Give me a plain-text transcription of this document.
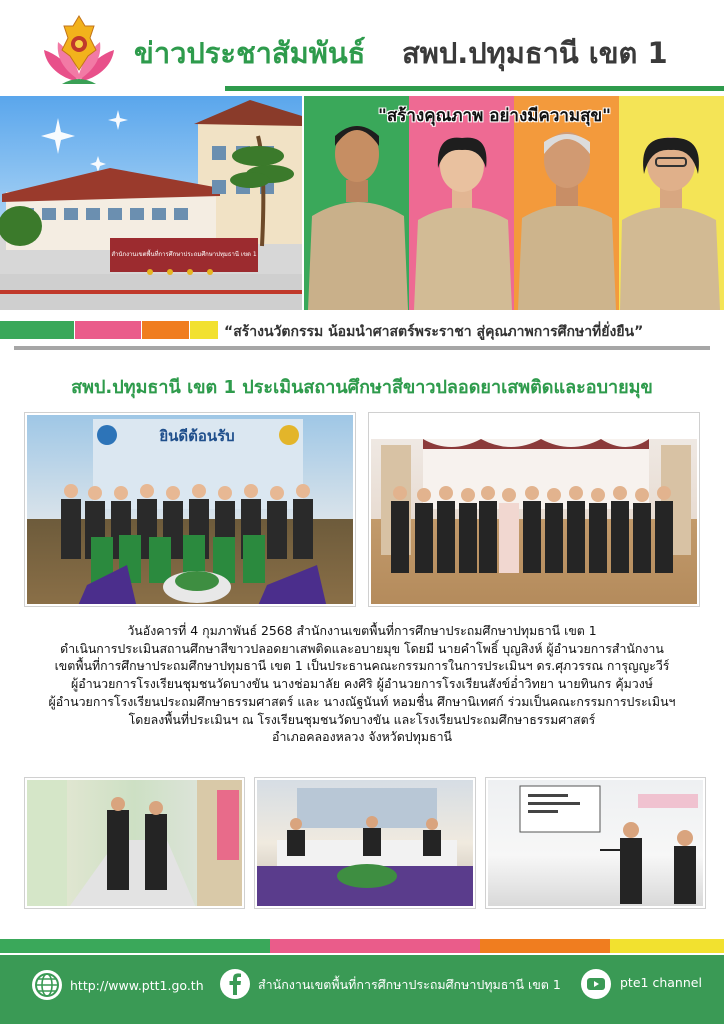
ข่าวประชาสัมพันธ์ สพป.ปทุมธานี เขต 1
สำนักงานเขตพื้นที่การศึกษาประถมศึกษาปทุมธานี เขต 1
"สร้างคุณภาพ อย่างมีความสุข"
“สร้างนวัตกรรม น้อมนำศาสตร์พระราชา สู่คุณภาพการศึกษาที่ยั่งยืน”
สพป.ปทุมธานี เขต 1 ประเมินสถานศึกษาสีขาวปลอดยาเสพติดและอบายมุข
ยินดีต้อนรับ
วันอังคารที่ 4 กุมภาพันธ์ 2568 สำนักงานเขตพื้นที่การศึกษาประถมศึกษาปทุมธานี เขต 1
ดำเนินการประเมินสถานศึกษาสีขาวปลอดยาเสพติดและอบายมุข โดยมี นายคำโพธิ์ บุญสิงห์ ผู้อำนวยการสำนักงาน
เขตพื้นที่การศึกษาประถมศึกษาปทุมธานี เขต 1 เป็นประธานคณะกรรมการในการประเมินฯ ดร.ศุภวรรณ การุญญะวีร์
ผู้อำนวยการโรงเรียนชุมชนวัดบางขัน นางช่อมาลัย คงศิริ ผู้อำนวยการโรงเรียนสังข์อ่ำวิทยา นายทินกร คุ้มวงษ์
ผู้อำนวยการโรงเรียนประถมศึกษาธรรมศาสตร์ และ นางณัฐนันท์ หอมชื่น ศึกษานิเทศก์ ร่วมเป็นคณะกรรมการประเมินฯ
โดยลงพื้นที่ประเมินฯ ณ โรงเรียนชุมชนวัดบางขัน และโรงเรียนประถมศึกษาธรรมศาสตร์
อำเภอคลองหลวง จังหวัดปทุมธานี
http://www.ptt1.go.th	สำนักงานเขตพื้นที่การศึกษาประถมศึกษาปทุมธานี เขต 1	pte1 channel
